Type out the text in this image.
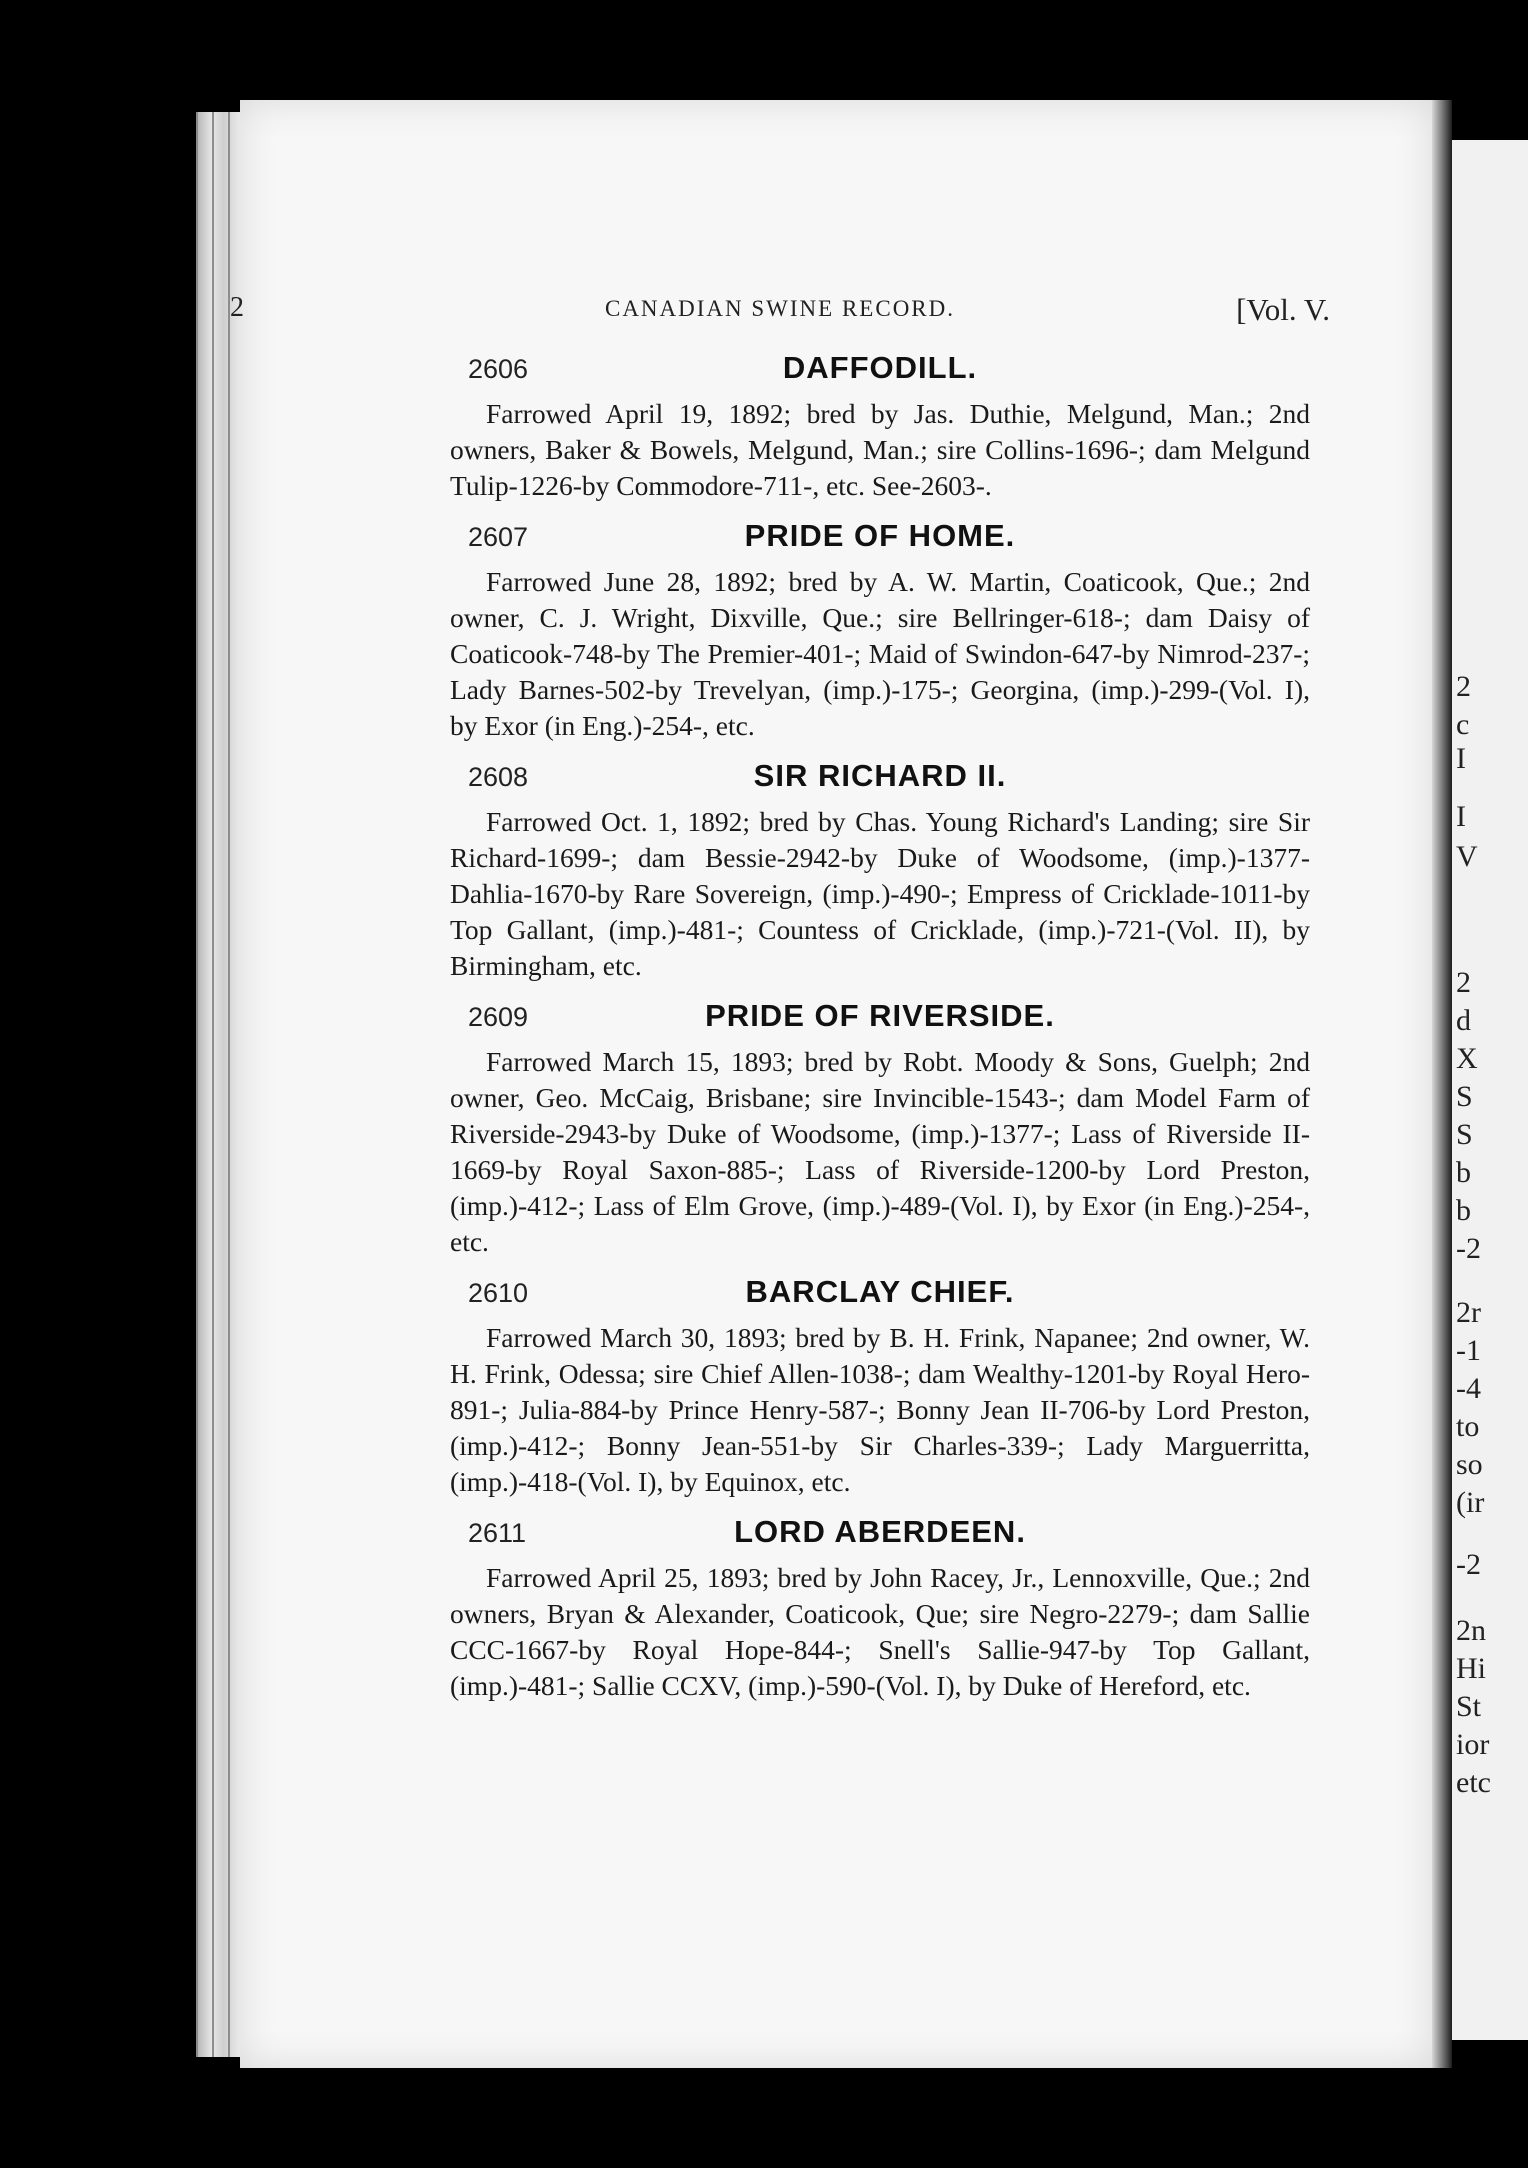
2
c
I
I
V
2
d
X
S
S
b
b
-2
2r
-1
-4
to
so
(ir
-2
2n
Hi
St
ior
etc
2	CANADIAN SWINE RECORD.	[Vol. V.
2606	DAFFODILL.
Farrowed April 19, 1892; bred by Jas. Duthie, Melgund, Man.; 2nd owners, Baker & Bowels, Melgund, Man.; sire Collins-1696-; dam Melgund Tulip-1226-by Commodore-711-, etc. See-2603-.
2607	PRIDE OF HOME.
Farrowed June 28, 1892; bred by A. W. Martin, Coaticook, Que.; 2nd owner, C. J. Wright, Dixville, Que.; sire Bellringer-618-; dam Daisy of Coaticook-748-by The Premier-401-; Maid of Swindon-647-by Nimrod-237-; Lady Barnes-502-by Trevelyan, (imp.)-175-; Georgina, (imp.)-299-(Vol. I), by Exor (in Eng.)-254-, etc.
2608	SIR RICHARD II.
Farrowed Oct. 1, 1892; bred by Chas. Young Richard's Landing; sire Sir Richard-1699-; dam Bessie-2942-by Duke of Woodsome, (imp.)-1377- Dahlia-1670-by Rare Sovereign, (imp.)-490-; Empress of Cricklade-1011-by Top Gallant, (imp.)-481-; Countess of Cricklade, (imp.)-721-(Vol. II), by Birmingham, etc.
2609	PRIDE OF RIVERSIDE.
Farrowed March 15, 1893; bred by Robt. Moody & Sons, Guelph; 2nd owner, Geo. McCaig, Brisbane; sire Invincible-1543-; dam Model Farm of Riverside-2943-by Duke of Woodsome, (imp.)-1377-; Lass of Riverside II-1669-by Royal Saxon-885-; Lass of Riverside-1200-by Lord Preston, (imp.)-412-; Lass of Elm Grove, (imp.)-489-(Vol. I), by Exor (in Eng.)-254-, etc.
2610	BARCLAY CHIEF.
Farrowed March 30, 1893; bred by B. H. Frink, Napanee; 2nd owner, W. H. Frink, Odessa; sire Chief Allen-1038-; dam Wealthy-1201-by Royal Hero-891-; Julia-884-by Prince Henry-587-; Bonny Jean II-706-by Lord Preston, (imp.)-412-; Bonny Jean-551-by Sir Charles-339-; Lady Marguerritta, (imp.)-418-(Vol. I), by Equinox, etc.
2611	LORD ABERDEEN.
Farrowed April 25, 1893; bred by John Racey, Jr., Lennoxville, Que.; 2nd owners, Bryan & Alexander, Coaticook, Que; sire Negro-2279-; dam Sallie CCC-1667-by Royal Hope-844-; Snell's Sallie-947-by Top Gallant, (imp.)-481-; Sallie CCXV, (imp.)-590-(Vol. I), by Duke of Hereford, etc.
